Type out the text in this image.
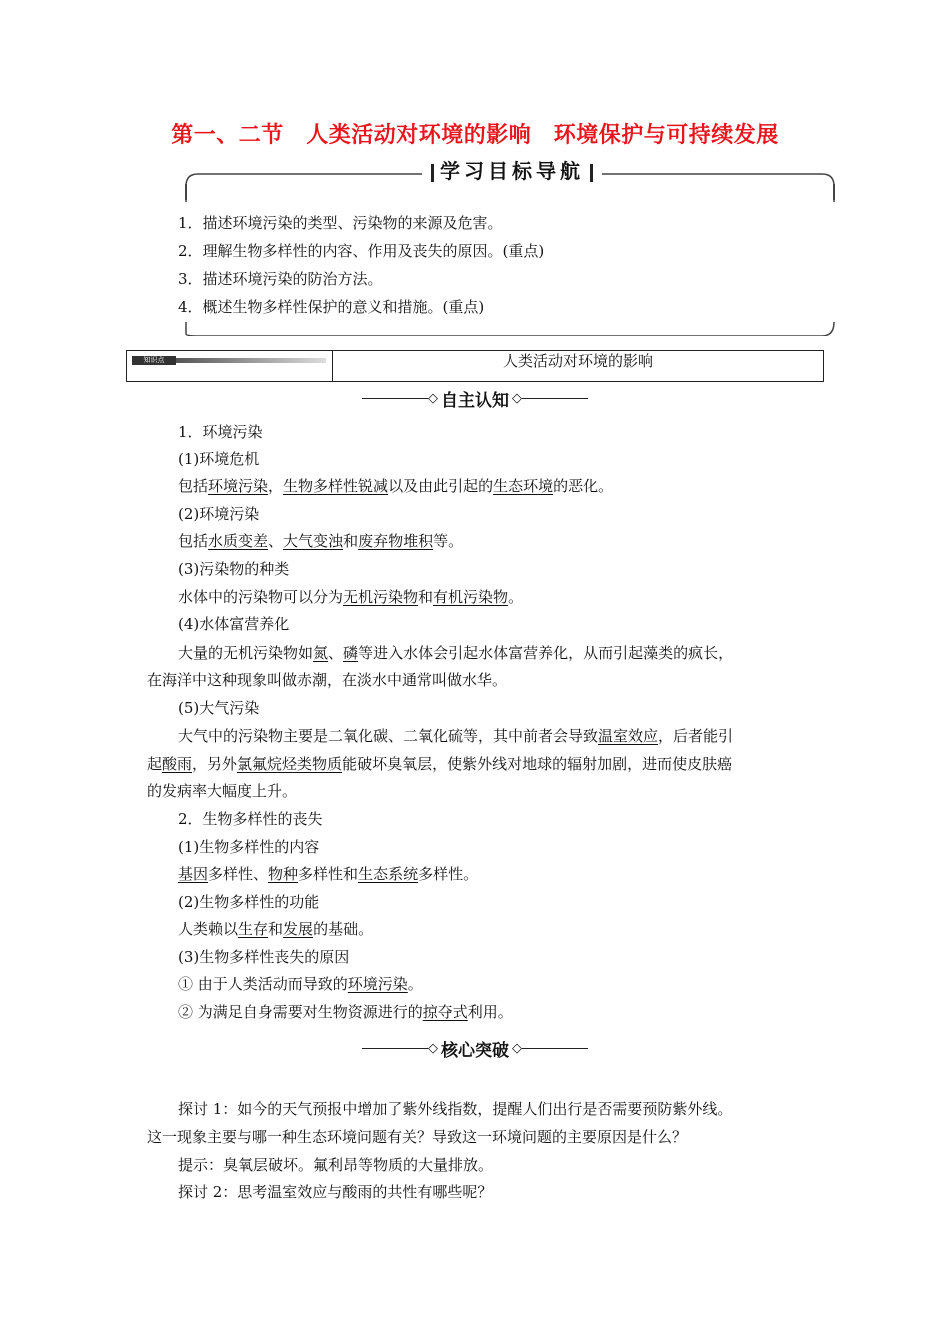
第一、二节　人类活动对环境的影响　环境保护与可持续发展
学习目标导航
1．描述环境污染的类型、污染物的来源及危害。
2．理解生物多样性的内容、作用及丧失的原因。(重点)
3．描述环境污染的防治方法。
4．概述生物多样性保护的意义和措施。(重点)
知识点	人类活动对环境的影响
◇ 自主认知 ◇
1．环境污染
(1)环境危机
包括环境污染，生物多样性锐减以及由此引起的生态环境的恶化。
(2)环境污染
包括水质变差、大气变浊和废弃物堆积等。
(3)污染物的种类
水体中的污染物可以分为无机污染物和有机污染物。
(4)水体富营养化
大量的无机污染物如氮、磷等进入水体会引起水体富营养化，从而引起藻类的疯长，
在海洋中这种现象叫做赤潮，在淡水中通常叫做水华。
(5)大气污染
大气中的污染物主要是二氧化碳、二氧化硫等，其中前者会导致温室效应，后者能引
起酸雨，另外氯氟烷烃类物质能破坏臭氧层，使紫外线对地球的辐射加剧，进而使皮肤癌
的发病率大幅度上升。
2．生物多样性的丧失
(1)生物多样性的内容
基因多样性、物种多样性和生态系统多样性。
(2)生物多样性的功能
人类赖以生存和发展的基础。
(3)生物多样性丧失的原因
① 由于人类活动而导致的环境污染。
② 为满足自身需要对生物资源进行的掠夺式利用。
◇ 核心突破 ◇
探讨 1：如今的天气预报中增加了紫外线指数，提醒人们出行是否需要预防紫外线。
这一现象主要与哪一种生态环境问题有关？导致这一环境问题的主要原因是什么？
提示：臭氧层破坏。氟利昂等物质的大量排放。
探讨 2：思考温室效应与酸雨的共性有哪些呢？
